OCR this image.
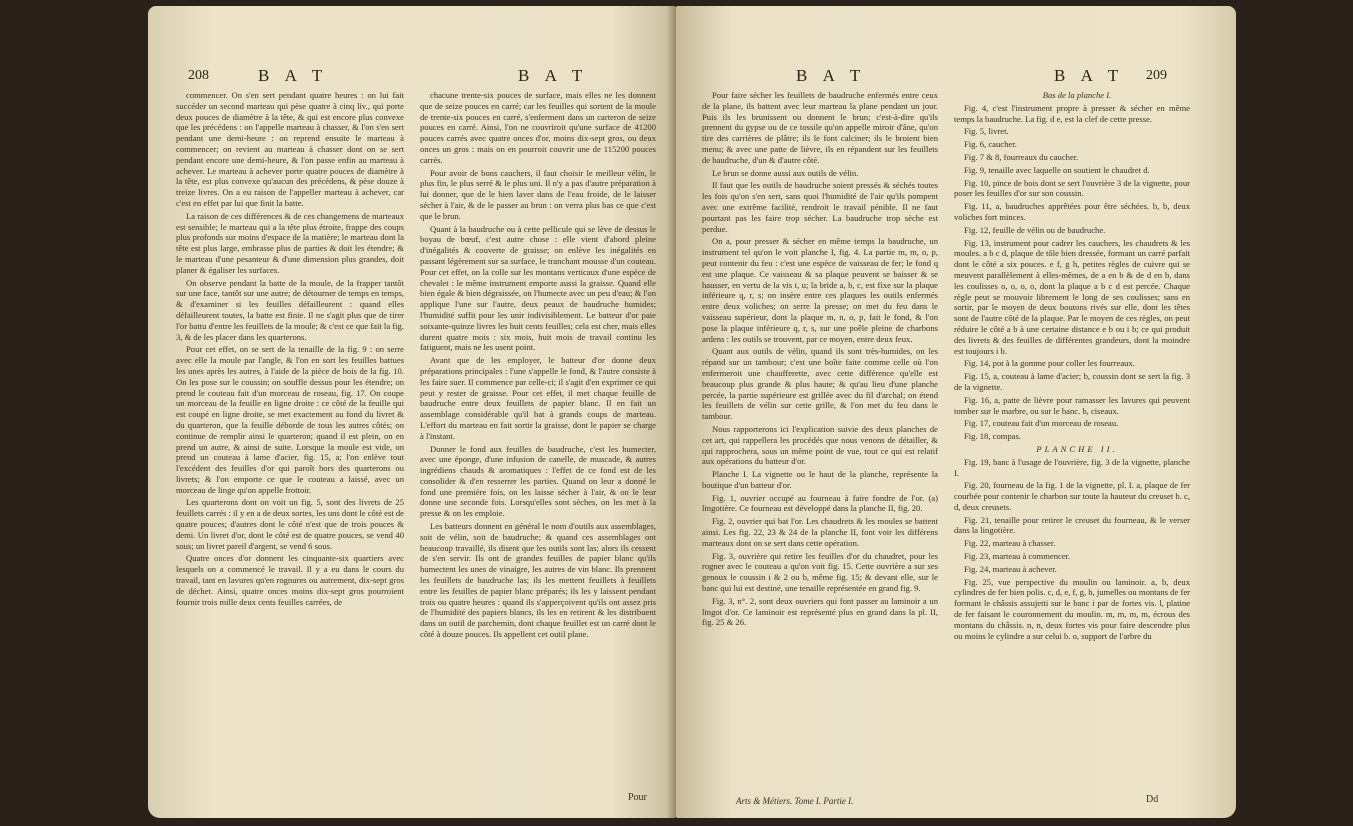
208	B A T	B A T

commencer. On s'en sert pendant quatre heures : on lui fait succéder un second marteau qui pèse quatre à cinq liv., qui porte deux pouces de diamètre à la tête, & qui est encore plus convexe que les précédens : on l'appelle marteau à chasser, & l'on s'en sert pendant une demi-heure : on reprend ensuite le marteau à commencer; on revient au marteau à chasser dont on se sert pendant encore une demi-heure, & l'on passe enfin au marteau à achever. Le marteau à achever porte quatre pouces de diamètre à la tête, est plus convexe qu'aucun des précédens, & pèse douze à treize livres. On a eu raison de l'appeller marteau à achever, car c'est en effet par lui que finit la batte.

La raison de ces différences & de ces changemens de marteaux est sensible; le marteau qui a la tête plus étroite, frappe des coups plus profonds sur moins d'espace de la matière; le marteau dont la tête est plus large, embrasse plus de parties & doit les étendre; & le marteau d'une pesanteur & d'une dimension plus grandes, doit planer & égaliser les surfaces.

On observe pendant la batte de la moule, de la frapper tantôt sur une face, tantôt sur une autre; de détourner de temps en temps, & d'examiner si les feuilles défailleurent : quand elles défailleurent toutes, la batte est finie. Il ne s'agit plus que de tirer l'or battu d'entre les feuillets de la moule; & c'est ce que fait la fig. 3, & de les placer dans les quarterons.

Pour cet effet, on se sert de la tenaille de la fig. 9 : on serre avec elle la moule par l'angle, & l'on en sort les feuilles battues les unes après les autres, à l'aide de la pièce de bois de la fig. 10. On les pose sur le coussin; on souffle dessus pour les étendre; on prend le couteau fait d'un morceau de roseau, fig. 17. On coupe un morceau de la feuille en ligne droite : ce côté de la feuille qui est coupé en ligne droite, se met exactement au fond du livret & du quarteron, que la feuille déborde de tous les autres côtés; on continue de remplir ainsi le quarteron; quand il est plein, on en prend un autre, & ainsi de suite. Lorsque la moule est vide, on prend un couteau à lame d'acier, fig. 15, a; l'on enlève tout l'excédent des feuilles d'or qui paroît hors des quarterons ou livrets; & l'on emporte ce que le couteau a laissé, avec un morceau de linge qu'on appelle frottoir.

Les quarterons dont on voit un fig. 5, sont des livrets de 25 feuillets carrés : il y en a de deux sortes, les uns dont le côté est de quatre pouces; d'autres dont le côté n'est que de trois pouces & demi. Un livret d'or, dont le côté est de quatre pouces, se vend 40 sous; un livret pareil d'argent, se vend 6 sous.

Quatre onces d'or donnent les cinquante-six quartiers avec lesquels on a commencé le travail. Il y a eu dans le cours du travail, tant en lavures qu'en rognures ou autrement, dix-sept gros de déchet. Ainsi, quatre onces moins dix-sept gros pourroient fournir trois mille deux cents feuilles carrées, de

chacune trente-six pouces de surface, mais elles ne les donnent que de seize pouces en carré; car les feuilles qui sortent de la moule de trente-six pouces en carré, s'enferment dans un carteron de seize pouces en carré. Ainsi, l'on ne couvriroit qu'une surface de 41200 pouces carrés avec quatre onces d'or, moins dix-sept gros, ou deux onces un gros : mais on en pourroit couvrir une de 115200 pouces carrés.

Pour avoir de bons cauchers, il faut choisir le meilleur vélin, le plus fin, le plus serré & le plus uni. Il n'y a pas d'autre préparation à lui donner, que de le bien laver dans de l'eau froide, de le laisser sécher à l'air, & de le passer au brun : on verra plus bas ce que c'est que le brun.

Quant à la baudruche ou à cette pellicule qui se lève de dessus le boyau de bœuf, c'est autre chose : elle vient d'abord pleine d'inégalités & couverte de graisse; on enlève les inégalités en passant légèrement sur sa surface, le tranchant mousse d'un couteau. Pour cet effet, on la colle sur les montans verticaux d'une espèce de chevalet : le même instrument emporte aussi la graisse. Quand elle bien égale & bien dégraissée, on l'humecte avec un peu d'eau; & l'on applique l'une sur l'autre, deux peaux de baudruche humides; l'humidité suffit pour les unir indivisiblement. Le batteur d'or paie soixante-quinze livres les huit cents feuilles; cela est cher, mais elles durent quatre mois : six mois, huit mois de travail continu les fatiguent, mais ne les usent point.

Avant que de les employer, le batteur d'or donne deux préparations principales : l'une s'appelle le fond, & l'autre consiste à les faire suer. Il commence par celle-ci; il s'agit d'en exprimer ce qui peut y rester de graisse. Pour cet effet, il met chaque feuille de baudruche entre deux feuillets de papier blanc. Il en fait un assemblage considérable qu'il bat à grands coups de marteau. L'effort du marteau en fait sortir la graisse, dont le papier se charge à l'instant.

Donner le fond aux feuilles de baudruche, c'est les humecter, avec une éponge, d'une infusion de canelle, de muscade, & autres ingrédiens chauds & aromatiques : l'effet de ce fond est de les consolider & d'en resserrer les parties. Quand on leur a donné le fond une première fois, on les laisse sécher à l'air, & on le leur donne une seconde fois. Lorsqu'elles sont sèches, on les met à la presse & on les emploie.

Les batteurs donnent en général le nom d'outils aux assemblages, soit de vélin, soit de baudruche; & quand ces assemblages ont beaucoup travaillé, ils disent que les outils sont las; alors ils cessent de s'en servir. Ils ont de grandes feuilles de papier blanc qu'ils humectent les unes de vinaigre, les autres de vin blanc. Ils prennent les feuillets de baudruche las; ils les mettent feuillets à feuillets entre les feuilles de papier blanc préparés; ils les y laissent pendant trois ou quatre heures : quand ils s'apperçoivent qu'ils ont assez pris de l'humidité des papiers blancs, ils les en retirent & les distribuent dans un outil de parchemin, dont chaque feuillet est un carré dont le côté à douze pouces. Ils appellent cet outil plane.

Pour
B A T	B A T 209

Pour faire sécher les feuillets de baudruche enfermés entre ceux de la plane, ils battent avec leur marteau la plane pendant un jour. Puis ils les brunissent ou donnent le brun; c'est-à-dire qu'ils prennent du gypse ou de ce tossile qu'on appelle miroir d'âne, qu'on tire des carrières de plâtre; ils le font calciner; ils le broient bien menu; & avec une patte de lièvre, ils en répandent sur les feuillets de baudruche, d'un & d'autre côté.

Le brun se donne aussi aux outils de vélin.

Il faut que les outils de baudruche soient pressés & séchés toutes les fois qu'on s'en sert, sans quoi l'humidité de l'air qu'ils pompent avec une extrême facilité, rendroit le travail pénible. Il ne faut pourtant pas les faire trop sécher. La baudruche trop sèche est perdue.

On a, pour presser & sécher en même temps la baudruche, un instrument tel qu'on le voit planche I, fig. 4. La partie m, m, o, p, peut contenir du feu : c'est une espèce de vaisseau de fer; le fond q est une plaque. Ce vaisseau & sa plaque peuvent se baisser & se hausser, en vertu de la vis t, u; la bride a, b, c, est fixe sur la plaque inférieure q, r, s; on insère entre ces plaques les outils enfermés entre deux voliches; on serre la presse; on met du feu dans le vaisseau supérieur, dont la plaque m, n, o, p, fait le fond, & l'on pose la plaque inférieure q, r, s, sur une poêle pleine de charbons ardens : les outils se trouvent, par ce moyen, entre deux feux.

Quant aux outils de vélin, quand ils sont très-humides, on les répand sur un tambour; c'est une boîte faite comme celle où l'on enfermeroit une chaufferette, avec cette différence qu'elle est beaucoup plus grande & plus haute; & qu'au lieu d'une planche percée, la partie supérieure est grillée avec du fil d'archal; on étend les feuillets de vélin sur cette grille, & l'on met du feu dans le tambour.

Nous rapporterons ici l'explication suivie des deux planches de cet art, qui rappellera les procédés que nous venons de détailler, & qui rapprochera, sous un même point de vue, tout ce qui est relatif aux opérations du batteur d'or.

Planche I. La vignette ou le haut de la planche, représente la boutique d'un batteur d'or.

Fig. 1, ouvrier occupé au fourneau à faire fondre de l'or. (a) lingotière. Ce fourneau est développé dans la planche II, fig. 20.

Fig. 2, ouvrier qui bat l'or. Les chaudrets & les moules se battent ainsi. Les fig. 22, 23 & 24 de la planche II, font voir les différens marteaux dont on se sert dans cette opération.

Fig. 3, ouvrière qui retire les feuilles d'or du chaudret, pour les rogner avec le couteau a qu'on voit fig. 15. Cette ouvrière a sur ses genoux le coussin i & 2 ou b, même fig. 15; & devant elle, sur le banc qui lui est destiné, une tenaille représentée en grand fig. 9.

Fig. 3, n°. 2, sont deux ouvriers qui font passer au laminoir a un lingot d'or. Ce laminoir est représenté plus en grand dans la pl. II, fig. 25 & 26.

Arts & Métiers. Tome I. Partie I.

Bas de la planche I.

Fig. 4, c'est l'instrument propre à presser & sécher en même temps la baudruche. La fig. d e, est la clef de cette presse.

Fig. 5, livret.

Fig. 6, caucher.

Fig. 7 & 8, fourreaux du caucher.

Fig. 9, tenaille avec laquelle on soutient le chaudret d.

Fig. 10, pince de bois dont se sert l'ouvrière 3 de la vignette, pour poser les feuilles d'or sur son coussin.

Fig. 11, a, baudruches apprêtées pour être séchées. b, b, deux voliches fort minces.

Fig. 12, feuille de vélin ou de baudruche.

Fig. 13, instrument pour cadrer les cauchers, les chaudrets & les moules. a b c d, plaque de tôle bien dressée, formant un carré parfait dont le côté a six pouces. e f, g h, petites règles de cuivre qui se meuvent parallèlement à elles-mêmes, de a en b & de d en b, dans les coulisses o, o, o, o, dont la plaque a b c d est percée. Chaque règle peut se mouvoir librement le long de ses coulisses; sans en sortir, par le moyen de deux boutons rivés sur elle, dont les têtes sont de l'autre côté de la plaque. Par le moyen de ces règles, on peut réduire le côté a b à une certaine distance e b ou i b; ce qui produit des livrets & des feuilles de différentes grandeurs, dont la moindre est toujours i b.

Fig. 14, pot à la gomme pour coller les fourreaux.

Fig. 15, a, couteau à lame d'acier; b, coussin dont se sert la fig. 3 de la vignette.

Fig. 16, a, patte de lièvre pour ramasser les lavures qui peuvent tomber sur le marbre, ou sur le banc. b, ciseaux.

Fig. 17, couteau fait d'un morceau de roseau.

Fig. 18, compas.

PLANCHE II.

Fig. 19, banc à l'usage de l'ouvrière, fig. 3 de la vignette, planche I.

Fig. 20, fourneau de la fig. 1 de la vignette, pl. I. a, plaque de fer courbée pour contenir le charbon sur toute la hauteur du creuset b. c, d, deux creusets.

Fig. 21, tenaille pour retirer le creuset du fourneau, & le verser dans la lingotière.

Fig. 22, marteau à chasser.

Fig. 23, marteau à commencer.

Fig. 24, marteau à achever.

Fig. 25, vue perspective du moulin ou laminoir. a, b, deux cylindres de fer bien polis. c, d, e, f, g, h, jumelles ou montans de fer formant le châssis assujetti sur le banc i par de fortes vis. l, platine de fer faisant le couronnement du moulin. m, m, m, m, écrous des montans du châssis. n, n, deux fortes vis pour faire descendre plus ou moins le cylindre a sur celui b. o, support de l'arbre du

Dd
